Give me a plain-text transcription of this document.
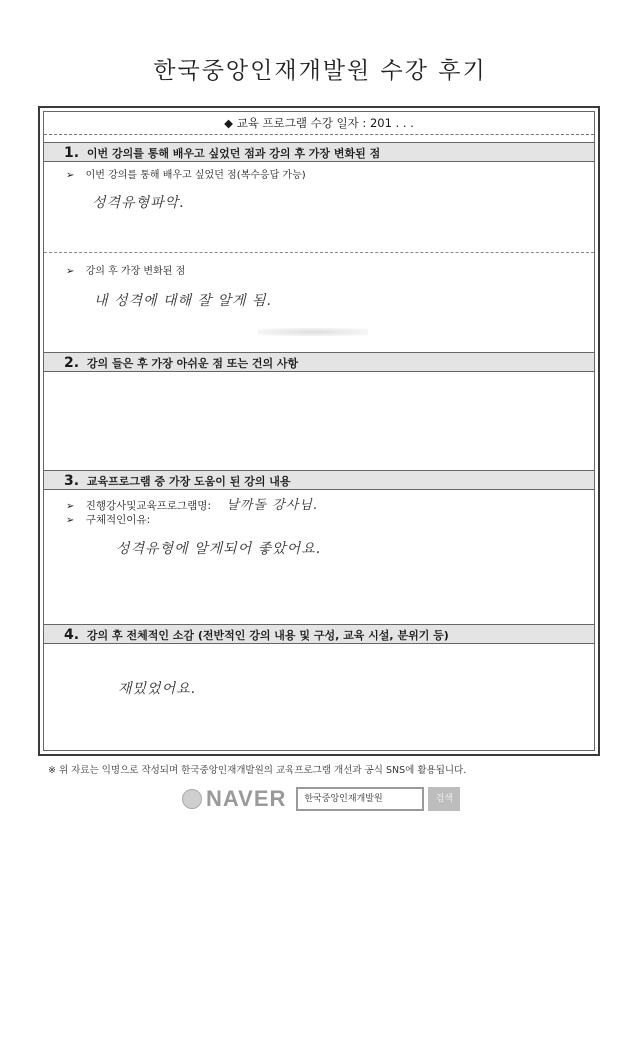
한국중앙인재개발원 수강 후기
◆ 교육 프로그램 수강 일자 : 201 . . .
1. 이번 강의를 통해 배우고 싶었던 점과 강의 후 가장 변화된 점
➢ 이번 강의를 통해 배우고 싶었던 점(복수응답 가능)
성격유형파악.
➢ 강의 후 가장 변화된 점
내 성격에 대해 잘 알게 됨.
2. 강의 들은 후 가장 아쉬운 점 또는 건의 사항
3. 교육프로그램 중 가장 도움이 된 강의 내용
➢ 진행강사및교육프로그램명: 날까돌 강사님.
➢ 구체적인이유:
성격유형에 알게되어 좋았어요.
4. 강의 후 전체적인 소감 (전반적인 강의 내용 및 구성, 교육 시설, 분위기 등)
재밌었어요.
※ 위 자료는 익명으로 작성되며 한국중앙인재개발원의 교육프로그램 개선과 공식 SNS에 활용됩니다.
NAVER	한국중앙인재개발원	검색
